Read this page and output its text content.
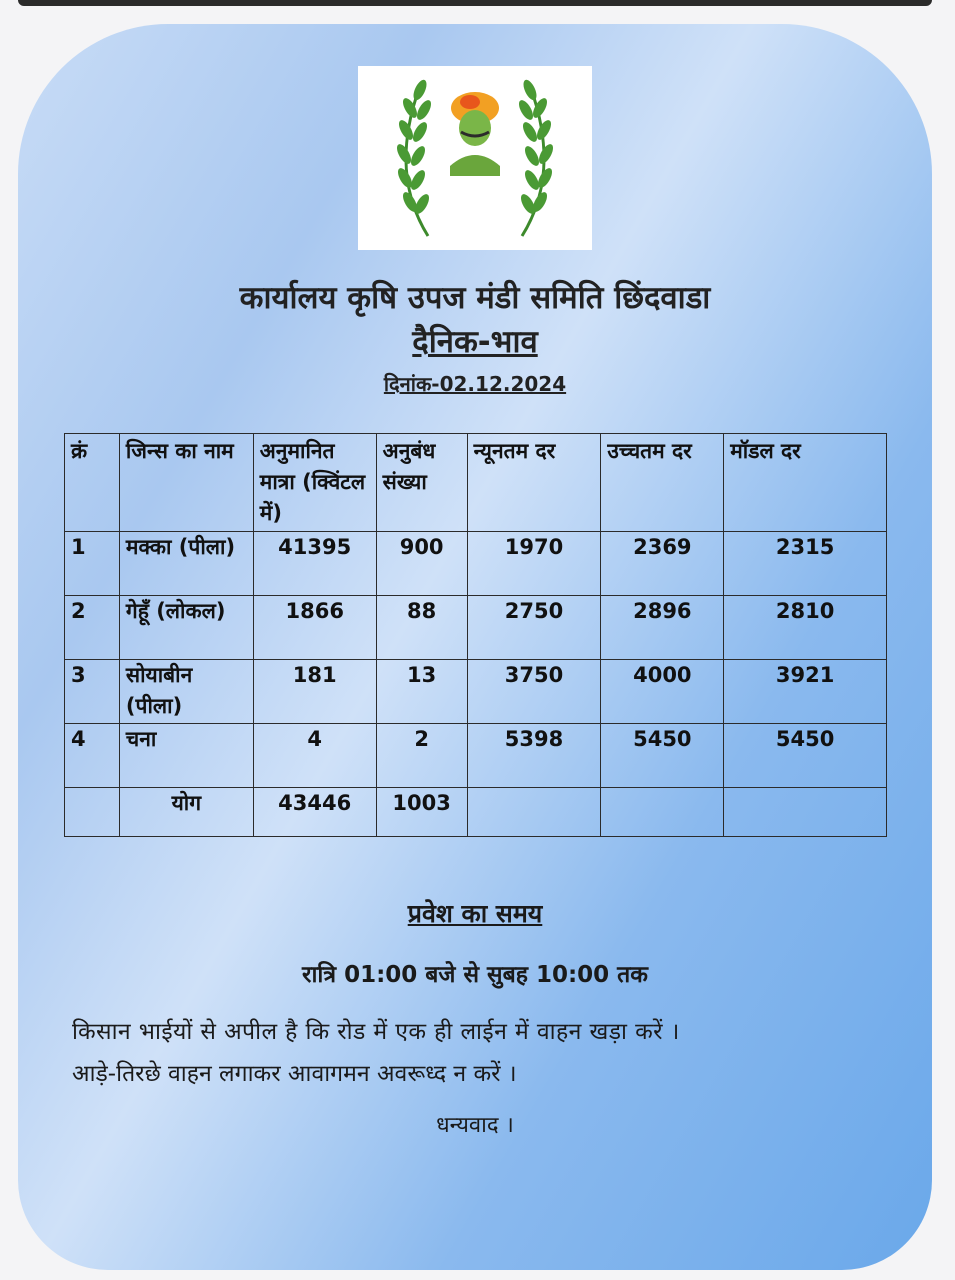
कार्यालय कृषि उपज मंडी समिति छिंदवाडा
दैनिक-भाव
दिनांक-02.12.2024
क्रं	जिन्स का नाम	अनुमानित मात्रा (क्विंटल में)	अनुबंध संख्या	न्यूनतम दर	उच्चतम दर	मॉडल दर
1	मक्का (पीला)	41395	900	1970	2369	2315
2	गेहूँ (लोकल)	1866	88	2750	2896	2810
3	सोयाबीन (पीला)	181	13	3750	4000	3921
4	चना	4	2	5398	5450	5450
	योग	43446	1003			
प्रवेश का समय
रात्रि 01:00 बजे से सुबह 10:00 तक
किसान भाईयों से अपील है कि रोड में एक ही लाईन में वाहन खड़ा करें ।
आड़े-तिरछे वाहन लगाकर आवागमन अवरूध्द न करें ।
धन्यवाद ।
